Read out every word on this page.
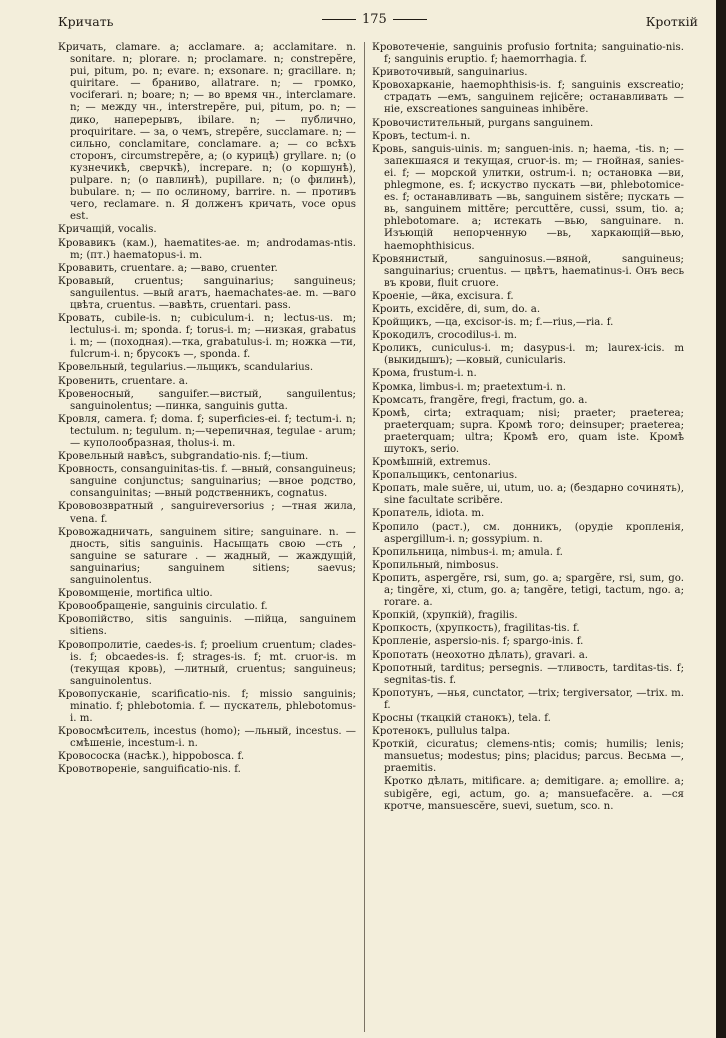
Кричать	175	Кроткій
Кричать, clamare. a; acclamare. a; acclamitare. n. sonitare. n; plorare. n; proclamare. n; constrepĕre, pui, pitum, po. n; evare. n; exsonare. n; gracillare. n; quiritare. — браниво, allatrare. n; — громко, vociferari. n; boare; n; — во время чн., interclamare. n; — между чн., interstrepĕre, pui, pitum, po. n; — дико, наперерывъ, ibilare. n; — публично, proquiritare. — за, о чемъ, strepĕre, succlamare. n; — сильно, conclamitare, conclamare. a; — со всѣхъ сторонъ, circumstrepĕre, a; (о курицѣ) gryllare. n; (о кузнечикѣ, сверчкѣ), increpare. n; (о коршунѣ), pulpare. n; (о павлинѣ), pupillare. n; (о филинѣ), bubulare. n; — по ослиному, barrire. n. — противъ чего, reclamare. n. Я долженъ кричать, voce opus est.
Кричащій, vocalis.
Кровавикъ (кам.), haematites-ae. m; androdamas-ntis. m; (пт.) haematopus-i. m.
Кровавить, cruentare. a; —ваво, cruenter.
Кровавый, cruentus; sanguinarius; sanguineus; sanguilentus. —вый агатъ, haemachates-ae. m. —ваго цвѣта, cruentus. —вавѣть, cruentari. pass.
Кровать, cubile-is. n; cubiculum-i. n; lectus-us. m; lectulus-i. m; sponda. f; torus-i. m; —низкая, grabatus i. m; — (походная).—тка, grabatulus-i. m; ножка —ти, fulcrum-i. n; брусокъ —, sponda. f.
Кровельный, tegularius.—льщикъ, scandularius.
Кровенить, cruentare. a.
Кровеносный, sanguifer.—вистый, sanguilentus; sanguinolentus; —пинка, sanguinis gutta.
Кровля, camera. f; doma. f; superficies-ei. f; tectum-i. n; tectulum. n; tegulum. n;—черепичная, tegulae - arum; — куполообразная, tholus-i. m.
Кровельный навѣсъ, subgrandatio-nis. f;—tium.
Кровность, consanguinitas-tis. f. —вный, consanguineus; sanguine conjunctus; sanguinarius; —вное родство, consanguinitas; —вный родственникъ, cognatus.
Крововозвратный , sanguireversorius ; —тная жила, vena. f.
Кровожадничать, sanguinem sitire; sanguinare. n. —дность, sitis sanguinis. Насыщать свою —сть , sanguine se saturare . — жадный, — жаждущій, sanguinarius; sanguinem sitiens; saevus; sanguinolentus.
Кровомщеніе, mortifica ultio.
Кровообращеніе, sanguinis circulatio. f.
Кровопійство, sitis sanguinis. —пійца, sanguinem sitiens.
Кровопролитіе, caedes-is. f; proelium cruentum; clades-is. f; obcaedes-is. f; strages-is. f; mt. cruor-is. m (текущая кровь), —литный, cruentus; sanguineus; sanguinolentus.
Кровопусканіе, scarificatio-nis. f; missio sanguinis; minatio. f; phlebotomia. f. — пускатель, phlebotomus-i. m.
Кровосмѣситель, incestus (homo); —льный, incestus. — смѣшеніе, incestum-i. n.
Кровососка (насѣк.), hippobosca. f.
Кровотвореніе, sanguificatio-nis. f.
Кровотеченіе, sanguinis profusio fortnita; sanguinatio-nis. f; sanguinis eruptio. f; haemorrhagia. f.
Кривоточивый, sanguinarius.
Кровохарканіе, haemophthisis-is. f; sanguinis exscreatio; страдать —емъ, sanguinem rejicĕre; останавливать —ніе, exscreationes sanguineas inhibĕre.
Кровочистительный, purgans sanguinem.
Кровъ, tectum-i. n.
Кровь, sanguis-uinis. m; sanguen-inis. n; haema, -tis. n; — запекшаяся и текущая, cruor-is. m; — гнойная, sanies-ei. f; — морской улитки, ostrum-i. n; остановка —ви, phlegmone, es. f; искуство пускать —ви, phlebotomice-es. f; останавливать —вь, sanguinem sistĕre; пускать —вь, sanguinem mittĕre; percuttĕre, cussi, ssum, tio. a; phlebotomare. a; истекать —вью, sanguinare. n. Изъющій непорченную —вь, харкающій—вью, haemophthisicus.
Кровянистый, sanguinosus.—вяной, sanguineus; sanguinarius; cruentus. — цвѣтъ, haematinus-i. Онъ весь въ крови, fluit cruore.
Кроеніе, —йка, excisura. f.
Кроить, excidĕre, di, sum, do. a.
Кройщикъ, —ца, excisor-is. m; f.—rius,—ria. f.
Крокодилъ, crocodilus-i. m.
Кроликъ, cuniculus-i. m; dasypus-i. m; laurex-icis. m (выкидышъ); —ковый, cunicularis.
Крома, frustum-i. n.
Кромка, limbus-i. m; praetextum-i. n.
Кромсать, frangĕre, fregi, fractum, go. a.
Кромѣ, cirta; extraquam; nisi; praeter; praeterea; praeterquam; supra. Кромѣ того; deinsuper; praeterea; praeterquam; ultra; Кромѣ ero, quam iste. Кромѣ шутокъ, serio.
Кромѣшній, extremus.
Кропальщикъ, centonarius.
Кропать, male suĕre, ui, utum, uo. a; (бездарно сочинять), sine facultate scribĕre.
Кропатель, idiota. m.
Кропило (раст.), см. донникъ, (орудіе кропленія, aspergillum-i. n; gossypium. n.
Кропильница, nimbus-i. m; amula. f.
Кропильный, nimbosus.
Кропить, aspergĕre, rsi, sum, go. a; spargĕre, rsi, sum, go. a; tingĕre, xi, ctum, go. a; tangĕre, tetigi, tactum, ngo. a; rorare. a.
Кропкій, (хрупкій), fragilis.
Кропкость, (хрупкость), fragilitas-tis. f.
Кропленіе, aspersio-nis. f; spargo-inis. f.
Кропотать (неохотно дѣлать), gravari. a.
Кропотный, tarditus; persegnis. —тливость, tarditas-tis. f; segnitas-tis. f.
Кропотунъ, —нья, cunctator, —trix; tergiversator, —trix. m. f.
Кросны (ткацкій станокъ), tela. f.
Кротенокъ, pullulus talpa.
Кроткій, cicuratus; clemens-ntis; comis; humilis; lenis; mansuetus; modestus; pins; placidus; parcus. Весьма —, praemitis.
Кротко дѣлать, mitificare. a; demitigare. a; emollire. a; subigĕre, egi, actum, go. a; mansuefacĕre. a. —ся кротче, mansuescĕre, suevi, suetum, sco. n.
